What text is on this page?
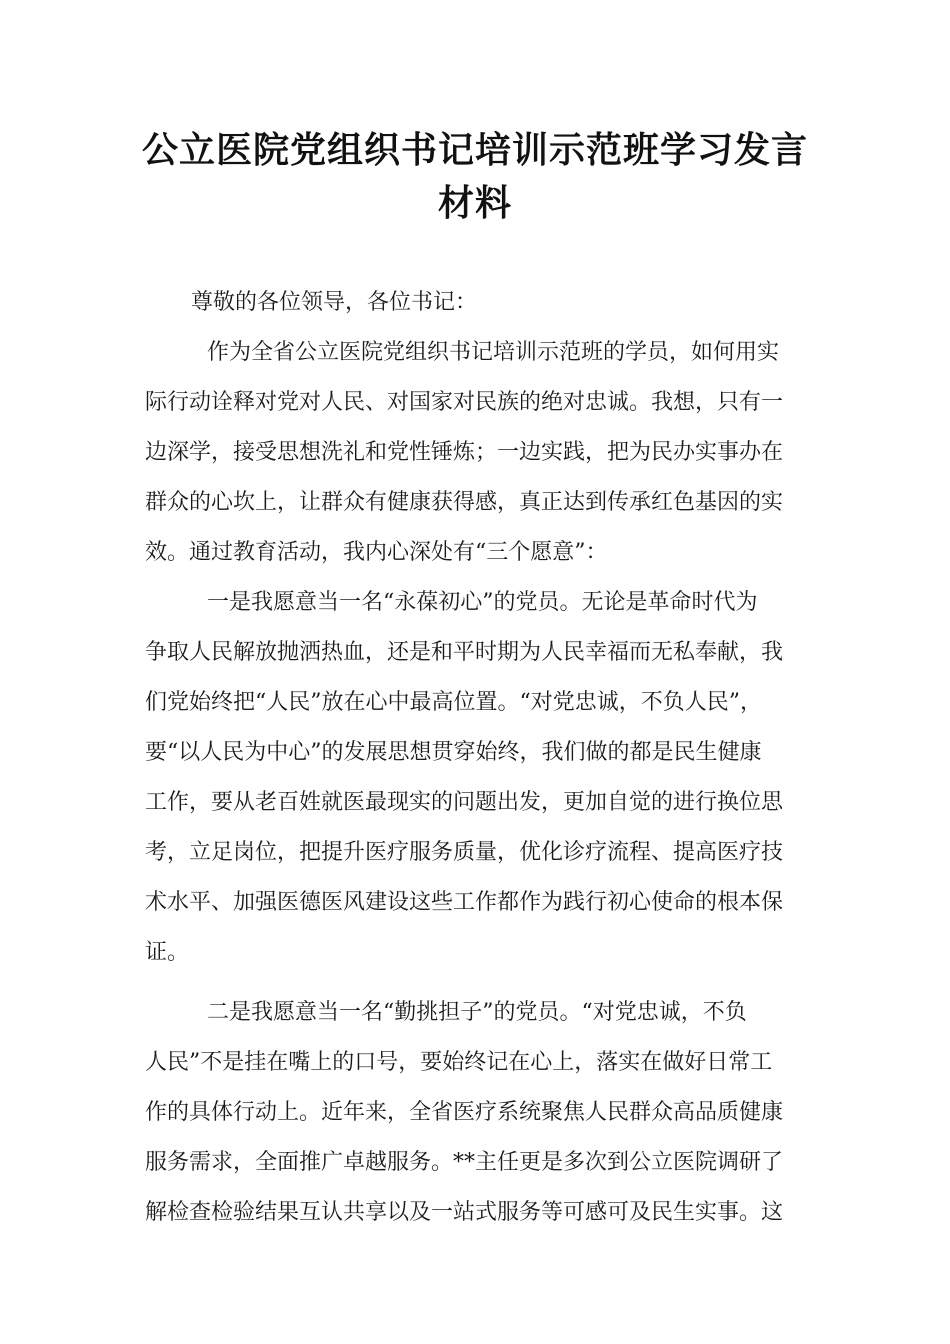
公立医院党组织书记培训示范班学习发言
材料
尊敬的各位领导，各位书记：
作为全省公立医院党组织书记培训示范班的学员，如何用实
际行动诠释对党对人民、对国家对民族的绝对忠诚。我想，只有一
边深学，接受思想洗礼和党性锤炼；一边实践，把为民办实事办在
群众的心坎上，让群众有健康获得感，真正达到传承红色基因的实
效。通过教育活动，我内心深处有“三个愿意”：
一是我愿意当一名“永葆初心”的党员。无论是革命时代为
争取人民解放抛洒热血，还是和平时期为人民幸福而无私奉献，我
们党始终把“人民”放在心中最高位置。“对党忠诚，不负人民”，
要“以人民为中心”的发展思想贯穿始终，我们做的都是民生健康
工作，要从老百姓就医最现实的问题出发，更加自觉的进行换位思
考，立足岗位，把提升医疗服务质量，优化诊疗流程、提高医疗技
术水平、加强医德医风建设这些工作都作为践行初心使命的根本保
证。
二是我愿意当一名“勤挑担子”的党员。“对党忠诚，不负
人民”不是挂在嘴上的口号，要始终记在心上，落实在做好日常工
作的具体行动上。近年来，全省医疗系统聚焦人民群众高品质健康
服务需求，全面推广卓越服务。**主任更是多次到公立医院调研了
解检查检验结果互认共享以及一站式服务等可感可及民生实事。这
